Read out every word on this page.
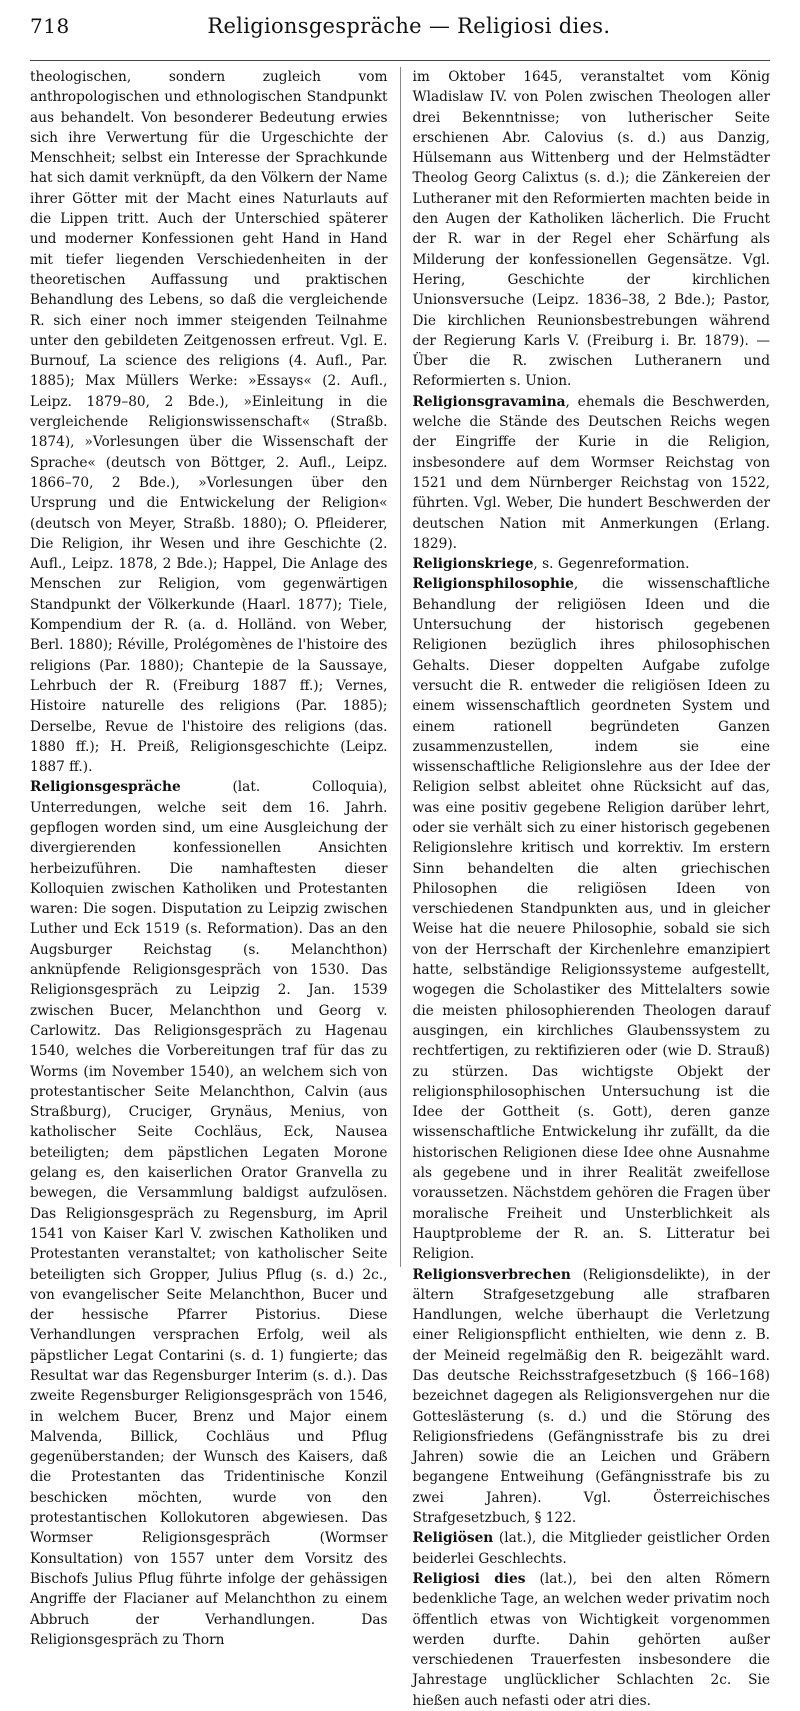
718	Religionsgespräche — Religiosi dies.

theologischen, sondern zugleich vom anthropologischen und ethnologischen Standpunkt aus behandelt. Von besonderer Bedeutung erwies sich ihre Verwertung für die Urgeschichte der Menschheit; selbst ein Interesse der Sprachkunde hat sich damit verknüpft, da den Völkern der Name ihrer Götter mit der Macht eines Naturlauts auf die Lippen tritt. Auch der Unterschied späterer und moderner Konfessionen geht Hand in Hand mit tiefer liegenden Verschiedenheiten in der theoretischen Auffassung und praktischen Behandlung des Lebens, so daß die vergleichende R. sich einer noch immer steigenden Teilnahme unter den gebildeten Zeitgenossen erfreut. Vgl. E. Burnouf, La science des religions (4. Aufl., Par. 1885); Max Müllers Werke: »Essays« (2. Aufl., Leipz. 1879–80, 2 Bde.), »Einleitung in die vergleichende Religionswissenschaft« (Straßb. 1874), »Vorlesungen über die Wissenschaft der Sprache« (deutsch von Böttger, 2. Aufl., Leipz. 1866–70, 2 Bde.), »Vorlesungen über den Ursprung und die Entwickelung der Religion« (deutsch von Meyer, Straßb. 1880); O. Pfleiderer, Die Religion, ihr Wesen und ihre Geschichte (2. Aufl., Leipz. 1878, 2 Bde.); Happel, Die Anlage des Menschen zur Religion, vom gegenwärtigen Standpunkt der Völkerkunde (Haarl. 1877); Tiele, Kompendium der R. (a. d. Holländ. von Weber, Berl. 1880); Réville, Prolégomènes de l'histoire des religions (Par. 1880); Chantepie de la Saussaye, Lehrbuch der R. (Freiburg 1887 ff.); Vernes, Histoire naturelle des religions (Par. 1885); Derselbe, Revue de l'histoire des religions (das. 1880 ff.); H. Preiß, Religionsgeschichte (Leipz. 1887 ff.).

Religionsgespräche (lat. Colloquia), Unterredungen, welche seit dem 16. Jahrh. gepflogen worden sind, um eine Ausgleichung der divergierenden konfessionellen Ansichten herbeizuführen. Die namhaftesten dieser Kolloquien zwischen Katholiken und Protestanten waren: Die sogen. Disputation zu Leipzig zwischen Luther und Eck 1519 (s. Reformation). Das an den Augsburger Reichstag (s. Melanchthon) anknüpfende Religionsgespräch von 1530. Das Religionsgespräch zu Leipzig 2. Jan. 1539 zwischen Bucer, Melanchthon und Georg v. Carlowitz. Das Religionsgespräch zu Hagenau 1540, welches die Vorbereitungen traf für das zu Worms (im November 1540), an welchem sich von protestantischer Seite Melanchthon, Calvin (aus Straßburg), Cruciger, Grynäus, Menius, von katholischer Seite Cochläus, Eck, Nausea beteiligten; dem päpstlichen Legaten Morone gelang es, den kaiserlichen Orator Granvella zu bewegen, die Versammlung baldigst aufzulösen. Das Religionsgespräch zu Regensburg, im April 1541 von Kaiser Karl V. zwischen Katholiken und Protestanten veranstaltet; von katholischer Seite beteiligten sich Gropper, Julius Pflug (s. d.) 2c., von evangelischer Seite Melanchthon, Bucer und der hessische Pfarrer Pistorius. Diese Verhandlungen versprachen Erfolg, weil als päpstlicher Legat Contarini (s. d. 1) fungierte; das Resultat war das Regensburger Interim (s. d.). Das zweite Regensburger Religionsgespräch von 1546, in welchem Bucer, Brenz und Major einem Malvenda, Billick, Cochläus und Pflug gegenüberstanden; der Wunsch des Kaisers, daß die Protestanten das Tridentinische Konzil beschicken möchten, wurde von den protestantischen Kollokutoren abgewiesen. Das Wormser Religionsgespräch (Wormser Konsultation) von 1557 unter dem Vorsitz des Bischofs Julius Pflug führte infolge der gehässigen Angriffe der Flacianer auf Melanchthon zu einem Abbruch der Verhandlungen. Das Religionsgespräch zu Thorn

im Oktober 1645, veranstaltet vom König Wladislaw IV. von Polen zwischen Theologen aller drei Bekenntnisse; von lutherischer Seite erschienen Abr. Calovius (s. d.) aus Danzig, Hülsemann aus Wittenberg und der Helmstädter Theolog Georg Calixtus (s. d.); die Zänkereien der Lutheraner mit den Reformierten machten beide in den Augen der Katholiken lächerlich. Die Frucht der R. war in der Regel eher Schärfung als Milderung der konfessionellen Gegensätze. Vgl. Hering, Geschichte der kirchlichen Unionsversuche (Leipz. 1836–38, 2 Bde.); Pastor, Die kirchlichen Reunionsbestrebungen während der Regierung Karls V. (Freiburg i. Br. 1879). — Über die R. zwischen Lutheranern und Reformierten s. Union.

Religionsgravamina, ehemals die Beschwerden, welche die Stände des Deutschen Reichs wegen der Eingriffe der Kurie in die Religion, insbesondere auf dem Wormser Reichstag von 1521 und dem Nürnberger Reichstag von 1522, führten. Vgl. Weber, Die hundert Beschwerden der deutschen Nation mit Anmerkungen (Erlang. 1829).

Religionskriege, s. Gegenreformation.

Religionsphilosophie, die wissenschaftliche Behandlung der religiösen Ideen und die Untersuchung der historisch gegebenen Religionen bezüglich ihres philosophischen Gehalts. Dieser doppelten Aufgabe zufolge versucht die R. entweder die religiösen Ideen zu einem wissenschaftlich geordneten System und einem rationell begründeten Ganzen zusammenzustellen, indem sie eine wissenschaftliche Religionslehre aus der Idee der Religion selbst ableitet ohne Rücksicht auf das, was eine positiv gegebene Religion darüber lehrt, oder sie verhält sich zu einer historisch gegebenen Religionslehre kritisch und korrektiv. Im erstern Sinn behandelten die alten griechischen Philosophen die religiösen Ideen von verschiedenen Standpunkten aus, und in gleicher Weise hat die neuere Philosophie, sobald sie sich von der Herrschaft der Kirchenlehre emanzipiert hatte, selbständige Religionssysteme aufgestellt, wogegen die Scholastiker des Mittelalters sowie die meisten philosophierenden Theologen darauf ausgingen, ein kirchliches Glaubenssystem zu rechtfertigen, zu rektifizieren oder (wie D. Strauß) zu stürzen. Das wichtigste Objekt der religionsphilosophischen Untersuchung ist die Idee der Gottheit (s. Gott), deren ganze wissenschaftliche Entwickelung ihr zufällt, da die historischen Religionen diese Idee ohne Ausnahme als gegebene und in ihrer Realität zweifellose voraussetzen. Nächstdem gehören die Fragen über moralische Freiheit und Unsterblichkeit als Hauptprobleme der R. an. S. Litteratur bei Religion.

Religionsverbrechen (Religionsdelikte), in der ältern Strafgesetzgebung alle strafbaren Handlungen, welche überhaupt die Verletzung einer Religionspflicht enthielten, wie denn z. B. der Meineid regelmäßig den R. beigezählt ward. Das deutsche Reichsstrafgesetzbuch (§ 166–168) bezeichnet dagegen als Religionsvergehen nur die Gotteslästerung (s. d.) und die Störung des Religionsfriedens (Gefängnisstrafe bis zu drei Jahren) sowie die an Leichen und Gräbern begangene Entweihung (Gefängnisstrafe bis zu zwei Jahren). Vgl. Österreichisches Strafgesetzbuch, § 122.

Religiösen (lat.), die Mitglieder geistlicher Orden beiderlei Geschlechts.

Religiosi dies (lat.), bei den alten Römern bedenkliche Tage, an welchen weder privatim noch öffentlich etwas von Wichtigkeit vorgenommen werden durfte. Dahin gehörten außer verschiedenen Trauerfesten insbesondere die Jahrestage unglücklicher Schlachten 2c. Sie hießen auch nefasti oder atri dies.
